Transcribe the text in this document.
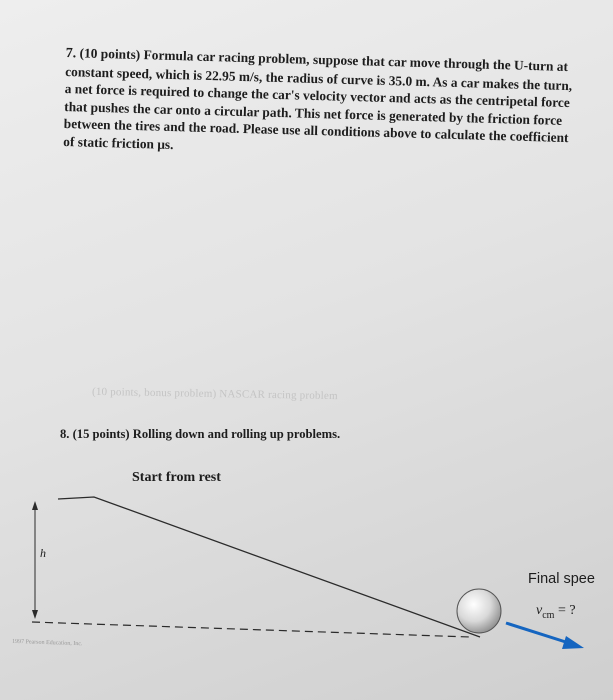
7. (10 points) Formula car racing problem, suppose that car move through the U-turn at constant speed, which is 22.95 m/s, the radius of curve is 35.0 m. As a car makes the turn, a net force is required to change the car's velocity vector and acts as the centripetal force that pushes the car onto a circular path. This net force is generated by the friction force between the tires and the road. Please use all conditions above to calculate the coefficient of static friction μs.
(10 points, bonus problem) NASCAR racing problem
8. (15 points) Rolling down and rolling up problems.
Start from rest
h
Final spee
$v_{cm}$ = ?
1997 Pearson Education, Inc.
